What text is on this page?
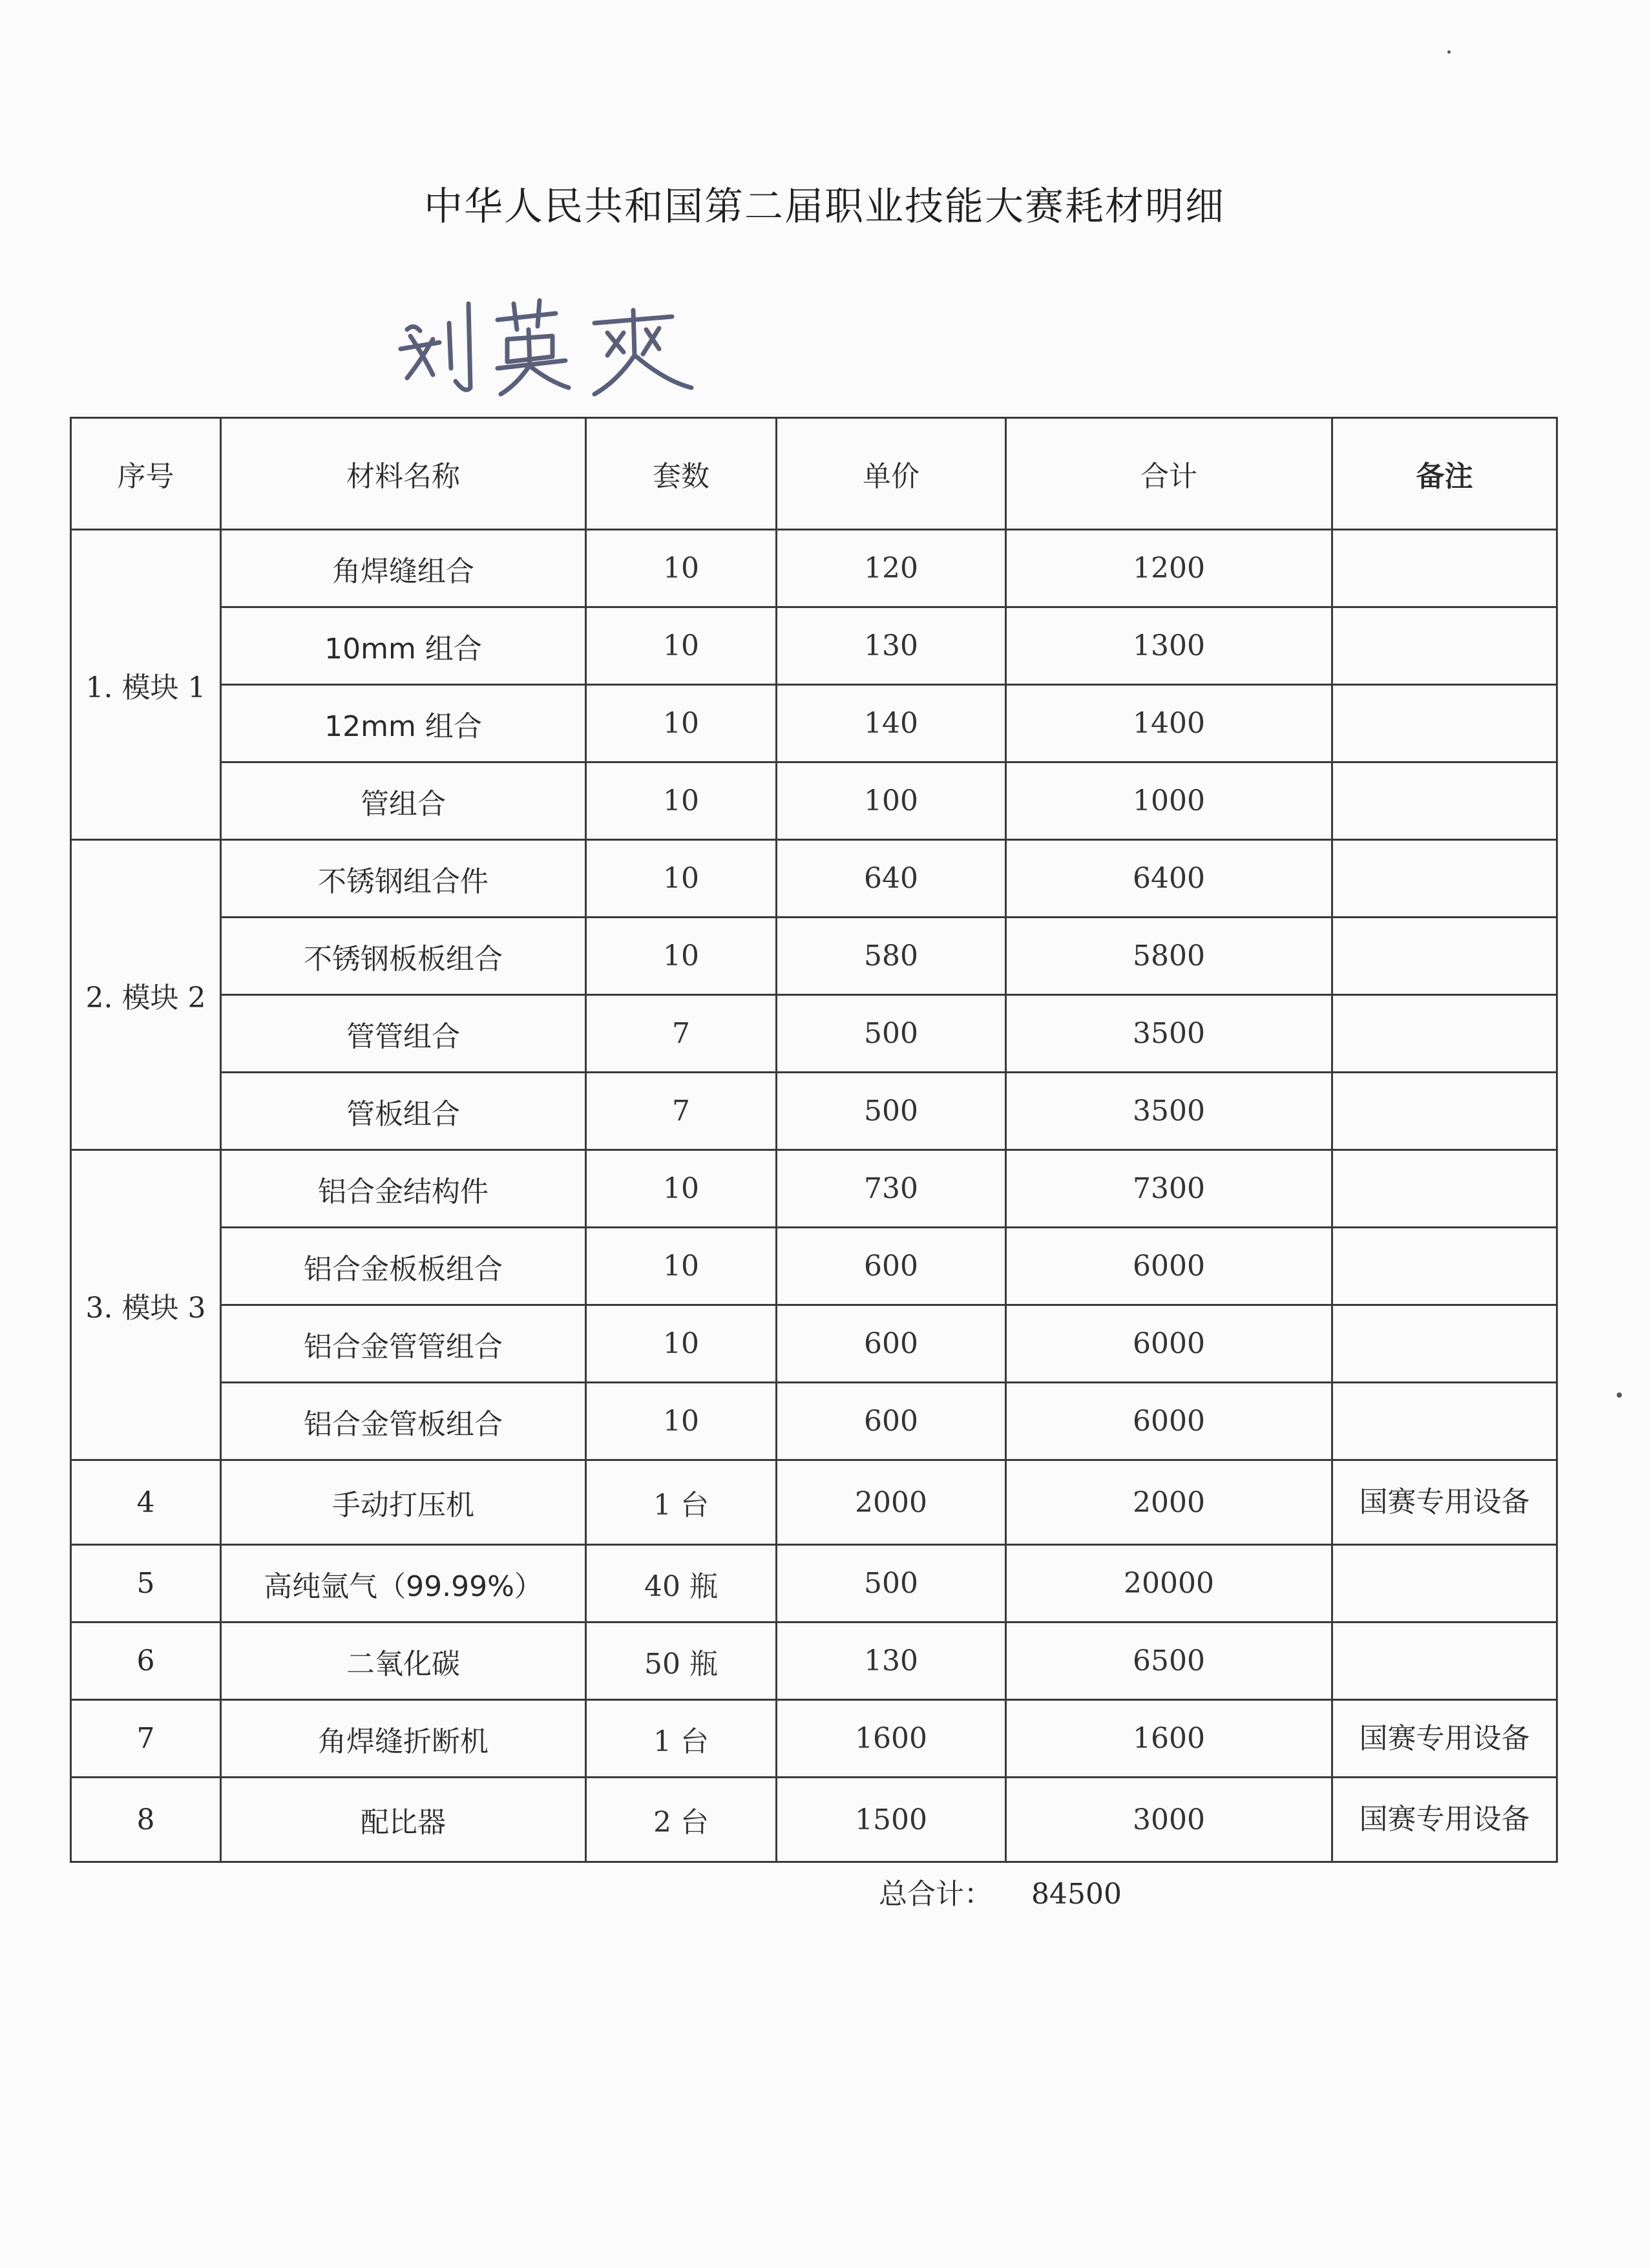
中华人民共和国第二届职业技能大赛耗材明细
序号	材料名称	套数	单价	合计	备注
1. 模块 1	角焊缝组合	10	120	1200	
	10mm 组合	10	130	1300	
	12mm 组合	10	140	1400	
	管组合	10	100	1000	
2. 模块 2	不锈钢组合件	10	640	6400	
	不锈钢板板组合	10	580	5800	
	管管组合	7	500	3500	
	管板组合	7	500	3500	
3. 模块 3	铝合金结构件	10	730	7300	
	铝合金板板组合	10	600	6000	
	铝合金管管组合	10	600	6000	
	铝合金管板组合	10	600	6000	
4	手动打压机	1 台	2000	2000	国赛专用设备
5	高纯氩气（99.99%）	40 瓶	500	20000	
6	二氧化碳	50 瓶	130	6500	
7	角焊缝折断机	1 台	1600	1600	国赛专用设备
8	配比器	2 台	1500	3000	国赛专用设备
总合计： 84500
